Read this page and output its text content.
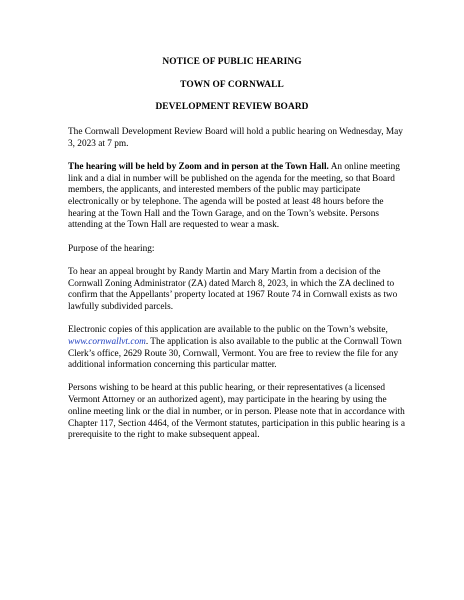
NOTICE OF PUBLIC HEARING
TOWN OF CORNWALL
DEVELOPMENT REVIEW BOARD

The Cornwall Development Review Board will hold a public hearing on Wednesday, May 3, 2023 at 7 pm.

The hearing will be held by Zoom and in person at the Town Hall. An online meeting link and a dial in number will be published on the agenda for the meeting, so that Board members, the applicants, and interested members of the public may participate electronically or by telephone. The agenda will be posted at least 48 hours before the hearing at the Town Hall and the Town Garage, and on the Town’s website. Persons attending at the Town Hall are requested to wear a mask.

Purpose of the hearing:

To hear an appeal brought by Randy Martin and Mary Martin from a decision of the Cornwall Zoning Administrator (ZA) dated March 8, 2023, in which the ZA declined to confirm that the Appellants’ property located at 1967 Route 74 in Cornwall exists as two lawfully subdivided parcels.

Electronic copies of this application are available to the public on the Town’s website, www.cornwallvt.com. The application is also available to the public at the Cornwall Town Clerk’s office, 2629 Route 30, Cornwall, Vermont. You are free to review the file for any additional information concerning this particular matter.

Persons wishing to be heard at this public hearing, or their representatives (a licensed Vermont Attorney or an authorized agent), may participate in the hearing by using the online meeting link or the dial in number, or in person. Please note that in accordance with Chapter 117, Section 4464, of the Vermont statutes, participation in this public hearing is a prerequisite to the right to make subsequent appeal.
